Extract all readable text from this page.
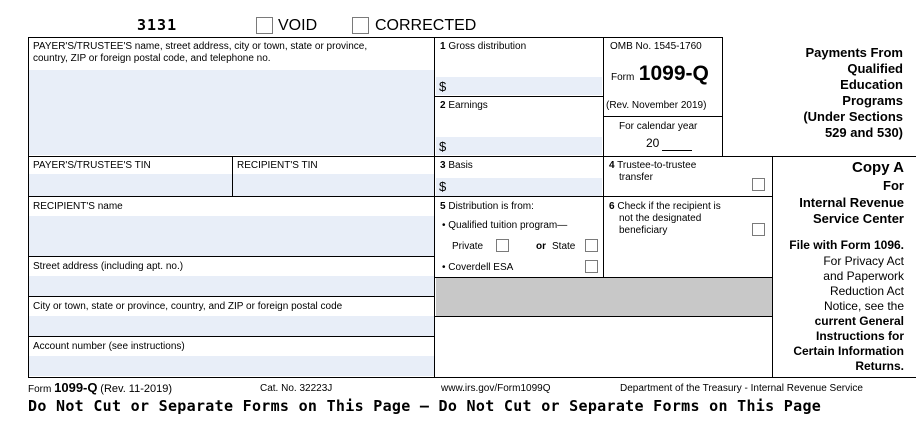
3131	VOID	CORRECTED
PAYER'S/TRUSTEE'S name, street address, city or town, state or province,
country, ZIP or foreign postal code, and telephone no.
1 Gross distribution
$
2 Earnings
$
OMB No. 1545-1760
Form 1099-Q
(Rev. November 2019)
For calendar year
20
Payments From
Qualified
Education
Programs
(Under Sections
529 and 530)
PAYER'S/TRUSTEE'S TIN	RECIPIENT'S TIN	3 Basis
$
4 Trustee-to-trustee
transfer
Copy A
For
Internal Revenue
Service Center
File with Form 1096.
For Privacy Act
and Paperwork
Reduction Act
Notice, see the
current General
Instructions for
Certain Information
Returns.
RECIPIENT'S name
Street address (including apt. no.)
City or town, state or province, country, and ZIP or foreign postal code
Account number (see instructions)
5 Distribution is from:
• Qualified tuition program—
Private	or State
• Coverdell ESA
6 Check if the recipient is
not the designated
beneficiary
Form 1099-Q (Rev. 11-2019)	Cat. No. 32223J	www.irs.gov/Form1099Q	Department of the Treasury - Internal Revenue Service
Do Not Cut or Separate Forms on This Page — Do Not Cut or Separate Forms on This Page
